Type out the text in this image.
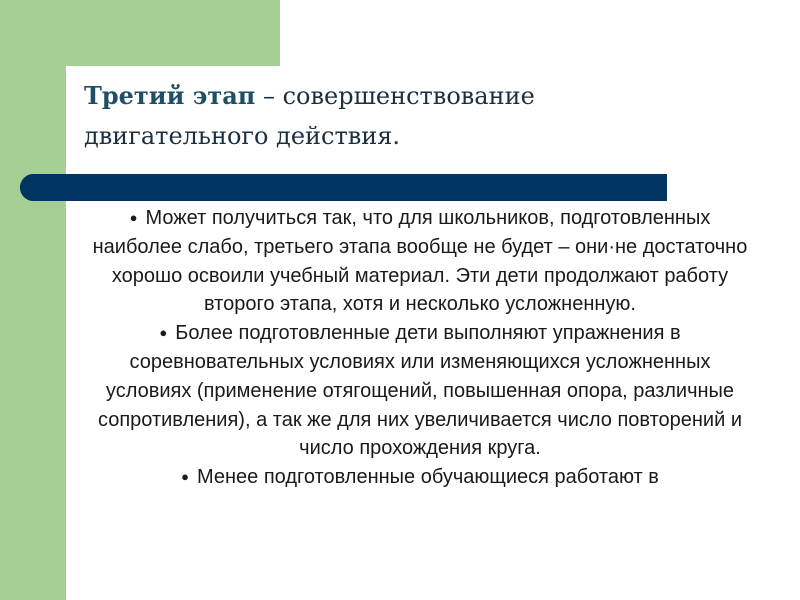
Третий этап – совершенствование двигательного действия.

● Может получиться так, что для школьников, подготовленных наиболее слабо, третьего этапа вообще не будет – они·не достаточно хорошо освоили учебный материал. Эти дети продолжают работу второго этапа, хотя и несколько усложненную.

● Более подготовленные дети выполняют упражнения в соревновательных условиях или изменяющихся усложненных условиях (применение отягощений, повышенная опора, различные сопротивления), а так же для них увеличивается число повторений и число прохождения круга.

● Менее подготовленные обучающиеся работают в
